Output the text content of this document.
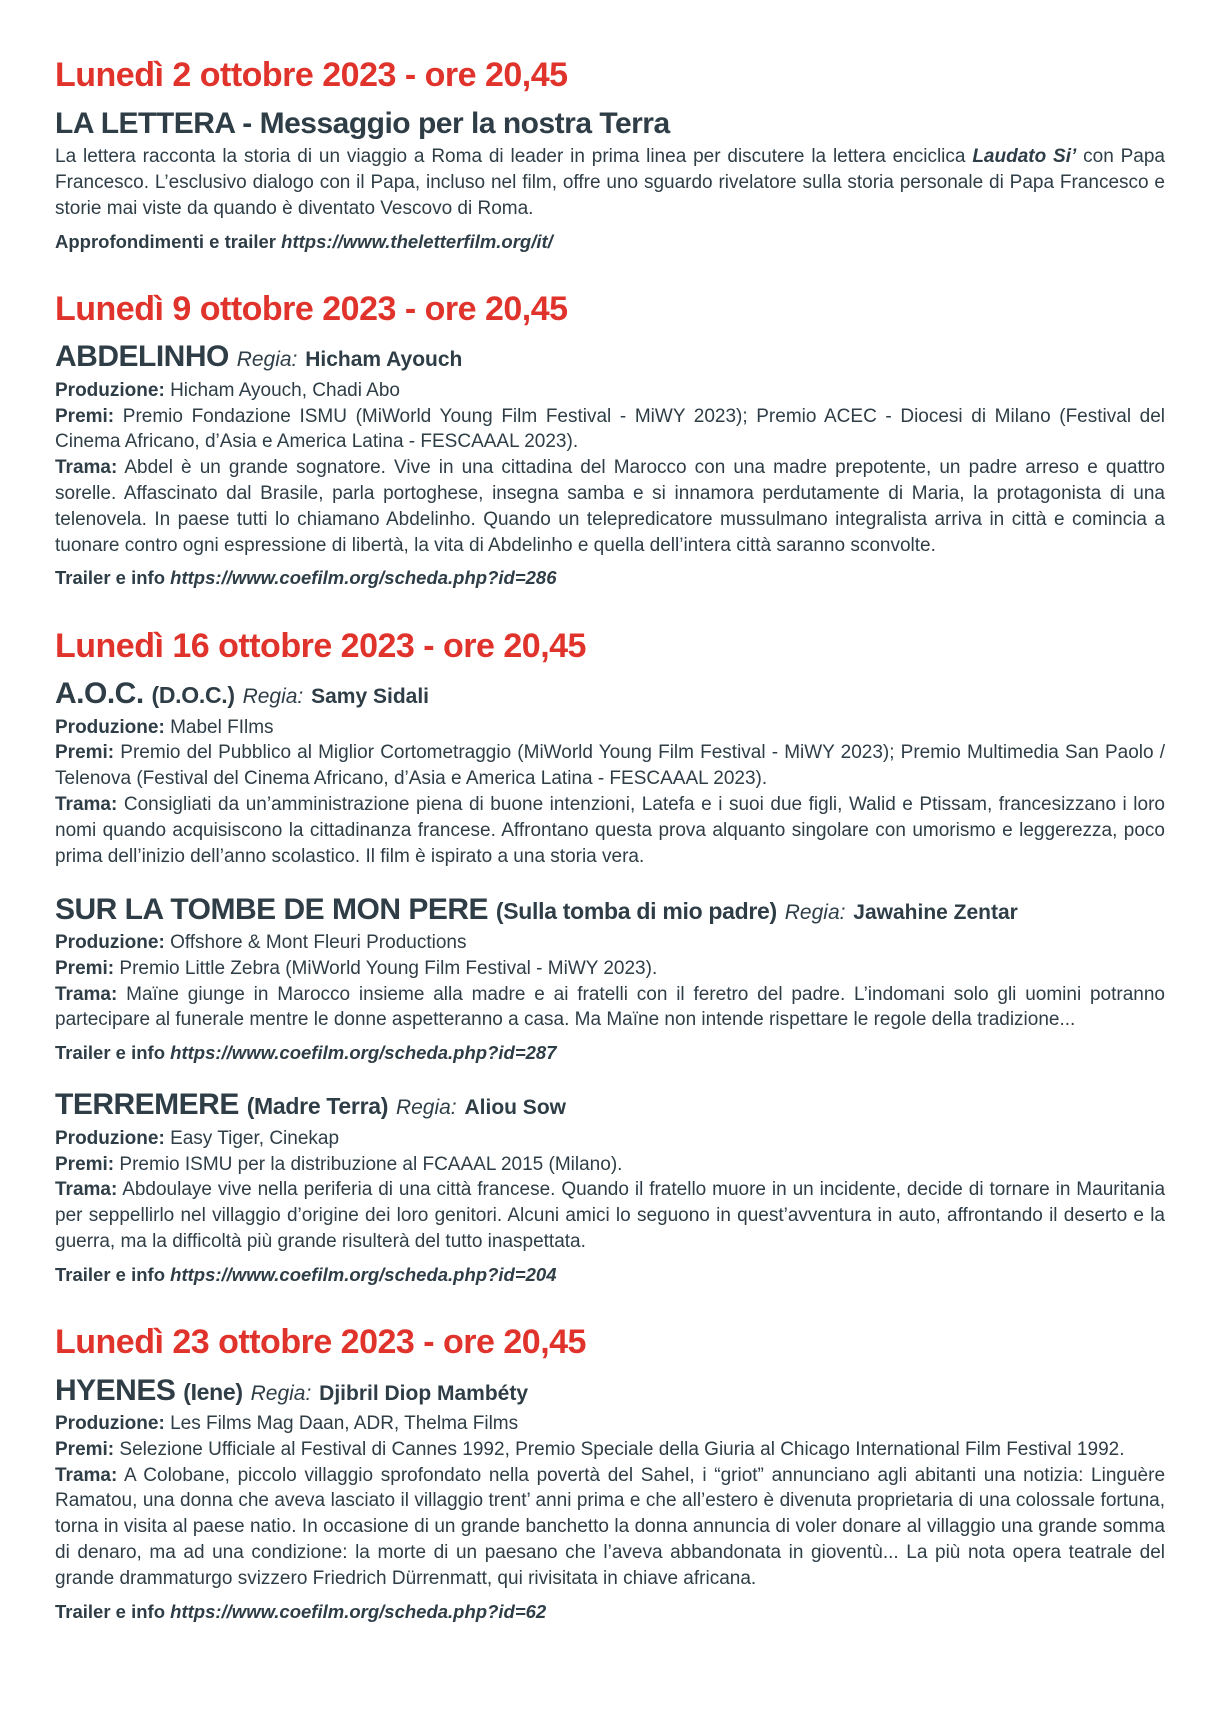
Lunedì 2 ottobre 2023 - ore 20,45
LA LETTERA - Messaggio per la nostra Terra

La lettera racconta la storia di un viaggio a Roma di leader in prima linea per discutere la lettera enciclica Laudato Si’ con Papa Francesco. L’esclusivo dialogo con il Papa, incluso nel film, offre uno sguardo rivelatore sulla storia personale di Papa Francesco e storie mai viste da quando è diventato Vescovo di Roma.

Approfondimenti e trailer https://www.theletterfilm.org/it/

Lunedì 9 ottobre 2023 - ore 20,45
ABDELINHO Regia: Hicham Ayouch

Produzione: Hicham Ayouch, Chadi Abo

Premi: Premio Fondazione ISMU (MiWorld Young Film Festival - MiWY 2023); Premio ACEC - Diocesi di Milano (Festival del Cinema Africano, d’Asia e America Latina - FESCAAAL 2023).

Trama: Abdel è un grande sognatore. Vive in una cittadina del Marocco con una madre prepotente, un padre arreso e quattro sorelle. Affascinato dal Brasile, parla portoghese, insegna samba e si innamora perdutamente di Maria, la protagonista di una telenovela. In paese tutti lo chiamano Abdelinho. Quando un telepredicatore mussulmano integralista arriva in città e comincia a tuonare contro ogni espressione di libertà, la vita di Abdelinho e quella dell’intera città saranno sconvolte.

Trailer e info https://www.coefilm.org/scheda.php?id=286

Lunedì 16 ottobre 2023 - ore 20,45
A.O.C. (D.O.C.) Regia: Samy Sidali

Produzione: Mabel FIlms

Premi: Premio del Pubblico al Miglior Cortometraggio (MiWorld Young Film Festival - MiWY 2023); Premio Multimedia San Paolo / Telenova (Festival del Cinema Africano, d’Asia e America Latina - FESCAAAL 2023).

Trama: Consigliati da un’amministrazione piena di buone intenzioni, Latefa e i suoi due figli, Walid e Ptissam, francesizzano i loro nomi quando acquisiscono la cittadinanza francese. Affrontano questa prova alquanto singolare con umorismo e leggerezza, poco prima dell’inizio dell’anno scolastico. Il film è ispirato a una storia vera.

SUR LA TOMBE DE MON PERE (Sulla tomba di mio padre) Regia: Jawahine Zentar

Produzione: Offshore & Mont Fleuri Productions

Premi: Premio Little Zebra (MiWorld Young Film Festival - MiWY 2023).

Trama: Maïne giunge in Marocco insieme alla madre e ai fratelli con il feretro del padre. L’indomani solo gli uomini potranno partecipare al funerale mentre le donne aspetteranno a casa. Ma Maïne non intende rispettare le regole della tradizione...

Trailer e info https://www.coefilm.org/scheda.php?id=287

TERREMERE (Madre Terra) Regia: Aliou Sow

Produzione: Easy Tiger, Cinekap

Premi: Premio ISMU per la distribuzione al FCAAAL 2015 (Milano).

Trama: Abdoulaye vive nella periferia di una città francese. Quando il fratello muore in un incidente, decide di tornare in Mauritania per seppellirlo nel villaggio d’origine dei loro genitori. Alcuni amici lo seguono in quest’avventura in auto, affrontando il deserto e la guerra, ma la difficoltà più grande risulterà del tutto inaspettata.

Trailer e info https://www.coefilm.org/scheda.php?id=204

Lunedì 23 ottobre 2023 - ore 20,45
HYENES (Iene) Regia: Djibril Diop Mambéty

Produzione: Les Films Mag Daan, ADR, Thelma Films

Premi: Selezione Ufficiale al Festival di Cannes 1992, Premio Speciale della Giuria al Chicago International Film Festival 1992.

Trama: A Colobane, piccolo villaggio sprofondato nella povertà del Sahel, i “griot” annunciano agli abitanti una notizia: Linguère Ramatou, una donna che aveva lasciato il villaggio trent’ anni prima e che all’estero è divenuta proprietaria di una colossale fortuna, torna in visita al paese natio. In occasione di un grande banchetto la donna annuncia di voler donare al villaggio una grande somma di denaro, ma ad una condizione: la morte di un paesano che l’aveva abbandonata in gioventù... La più nota opera teatrale del grande drammaturgo svizzero Friedrich Dürrenmatt, qui rivisitata in chiave africana.

Trailer e info https://www.coefilm.org/scheda.php?id=62
